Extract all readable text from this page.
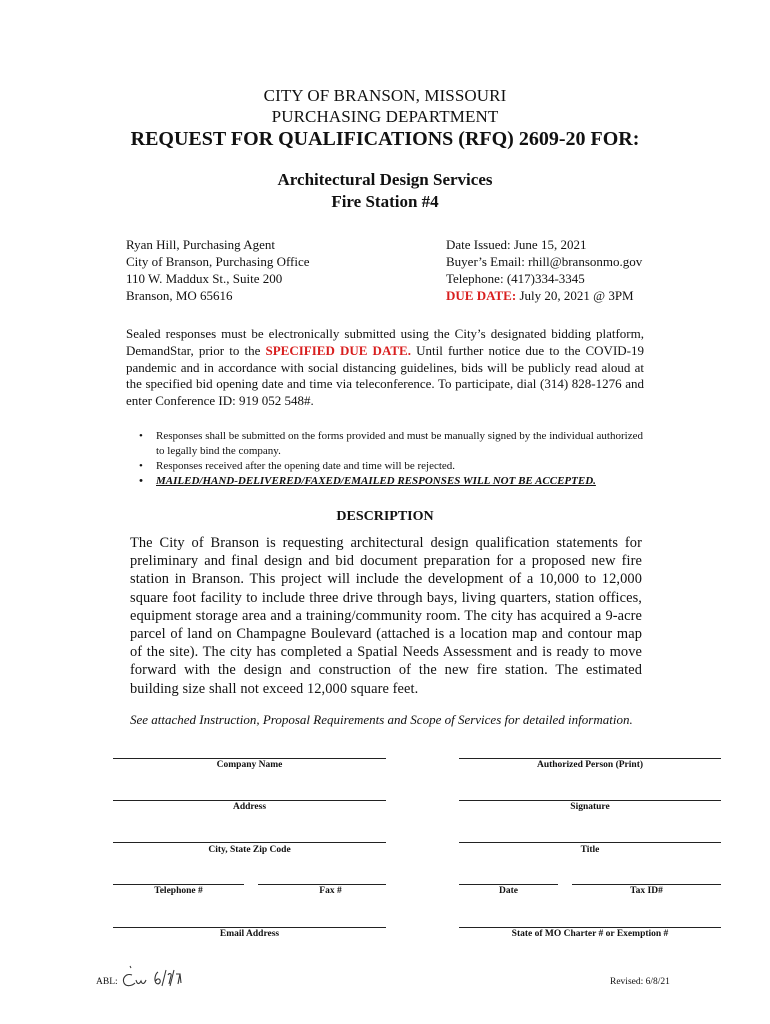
CITY OF BRANSON, MISSOURI
PURCHASING DEPARTMENT
REQUEST FOR QUALIFICATIONS (RFQ) 2609-20 FOR:
Architectural Design Services
Fire Station #4
Ryan Hill, Purchasing Agent
City of Branson, Purchasing Office
110 W. Maddux St., Suite 200
Branson, MO 65616
Date Issued: June 15, 2021
Buyer’s Email: rhill@bransonmo.gov
Telephone: (417)334-3345
DUE DATE: July 20, 2021 @ 3PM
Sealed responses must be electronically submitted using the City’s designated bidding platform, DemandStar, prior to the SPECIFIED DUE DATE. Until further notice due to the COVID-19 pandemic and in accordance with social distancing guidelines, bids will be publicly read aloud at the specified bid opening date and time via teleconference. To participate, dial (314) 828-1276 and enter Conference ID: 919 052 548#.
• Responses shall be submitted on the forms provided and must be manually signed by the individual authorized to legally bind the company.
• Responses received after the opening date and time will be rejected.
• MAILED/HAND-DELIVERED/FAXED/EMAILED RESPONSES WILL NOT BE ACCEPTED.
DESCRIPTION
The City of Branson is requesting architectural design qualification statements for preliminary and final design and bid document preparation for a proposed new fire station in Branson. This project will include the development of a 10,000 to 12,000 square foot facility to include three drive through bays, living quarters, station offices, equipment storage area and a training/community room. The city has acquired a 9-acre parcel of land on Champagne Boulevard (attached is a location map and contour map of the site). The city has completed a Spatial Needs Assessment and is ready to move forward with the design and construction of the new fire station. The estimated building size shall not exceed 12,000 square feet.
See attached Instruction, Proposal Requirements and Scope of Services for detailed information.
Company Name	Authorized Person (Print)
Address	Signature
City, State Zip Code	Title
Telephone #	Fax #	Date	Tax ID#
Email Address	State of MO Charter # or Exemption #
ABL:	Revised: 6/8/21
